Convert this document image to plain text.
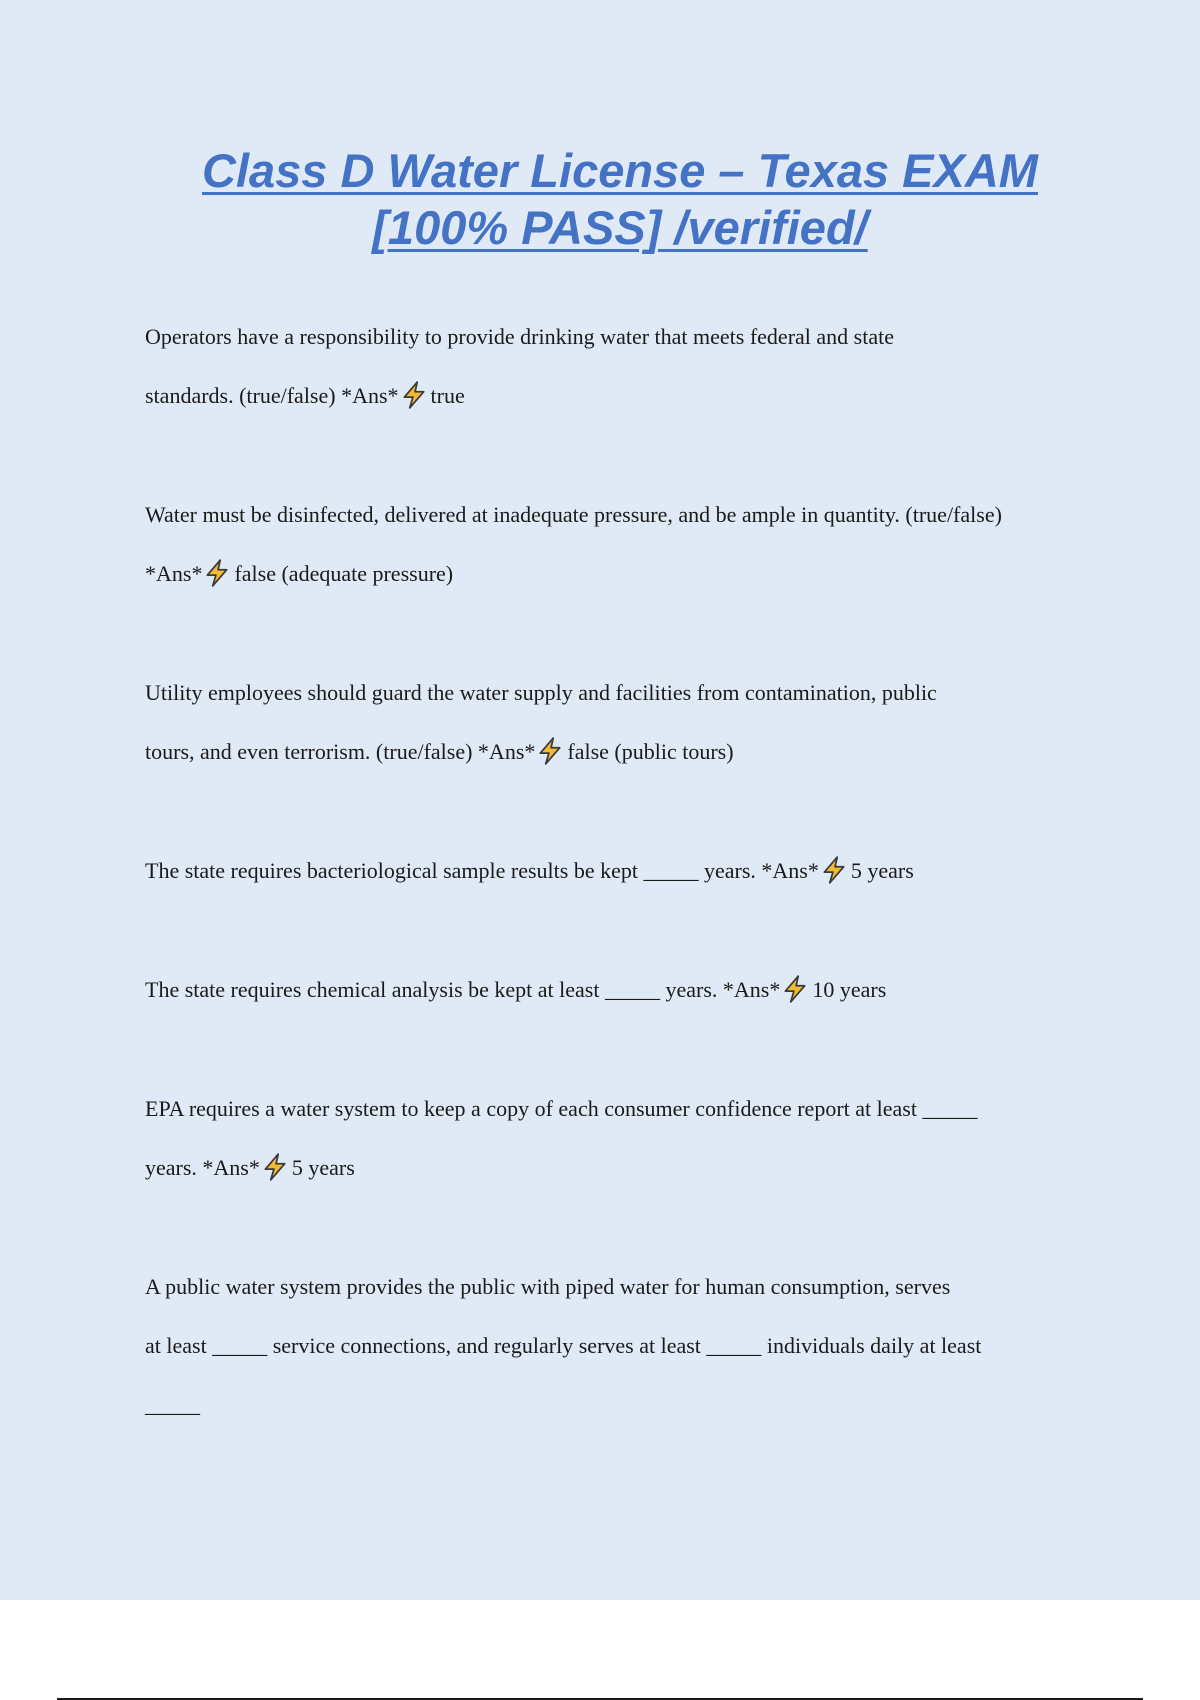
Class D Water License – Texas EXAM
[100% PASS] /verified/
Operators have a responsibility to provide drinking water that meets federal and state
standards. (true/false) *Ans* true
Water must be disinfected, delivered at inadequate pressure, and be ample in quantity. (true/false)
*Ans* false (adequate pressure)
Utility employees should guard the water supply and facilities from contamination, public
tours, and even terrorism. (true/false) *Ans* false (public tours)
The state requires bacteriological sample results be kept _____ years. *Ans* 5 years
The state requires chemical analysis be kept at least _____ years. *Ans* 10 years
EPA requires a water system to keep a copy of each consumer confidence report at least _____
years. *Ans* 5 years
A public water system provides the public with piped water for human consumption, serves
at least _____ service connections, and regularly serves at least _____ individuals daily at least
_____
